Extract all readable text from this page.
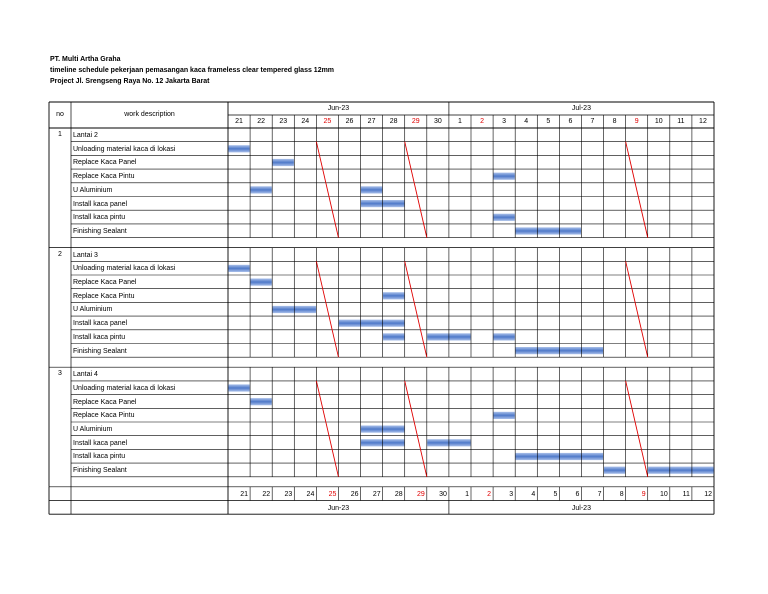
PT. Multi Artha Graha
timeline schedule pekerjaan pemasangan kaca frameless clear tempered glass 12mm
Project Jl. Srengseng Raya No. 12 Jakarta Barat
no	work description
Jun-23	Jul-23
21	22	23	24	25	26	27	28	29	30	1	2	3	4	5	6	7	8	9	10	11	12
1	Lantai 2
Unloading material kaca di lokasi
Replace Kaca Panel
Replace Kaca Pintu
U Aluminium
Install kaca panel
Install kaca pintu
Finishing Sealant
2	Lantai 3
Unloading material kaca di lokasi
Replace Kaca Panel
Replace Kaca Pintu
U Aluminium
Install kaca panel
Install kaca pintu
Finishing Sealant
3	Lantai 4
Unloading material kaca di lokasi
Replace Kaca Panel
Replace Kaca Pintu
U Aluminium
Install kaca panel
Install kaca pintu
Finishing Sealant
21	22	23	24	25	26	27	28	29	30	1	2	3	4	5	6	7	8	9	10	11	12
Jun-23	Jul-23
